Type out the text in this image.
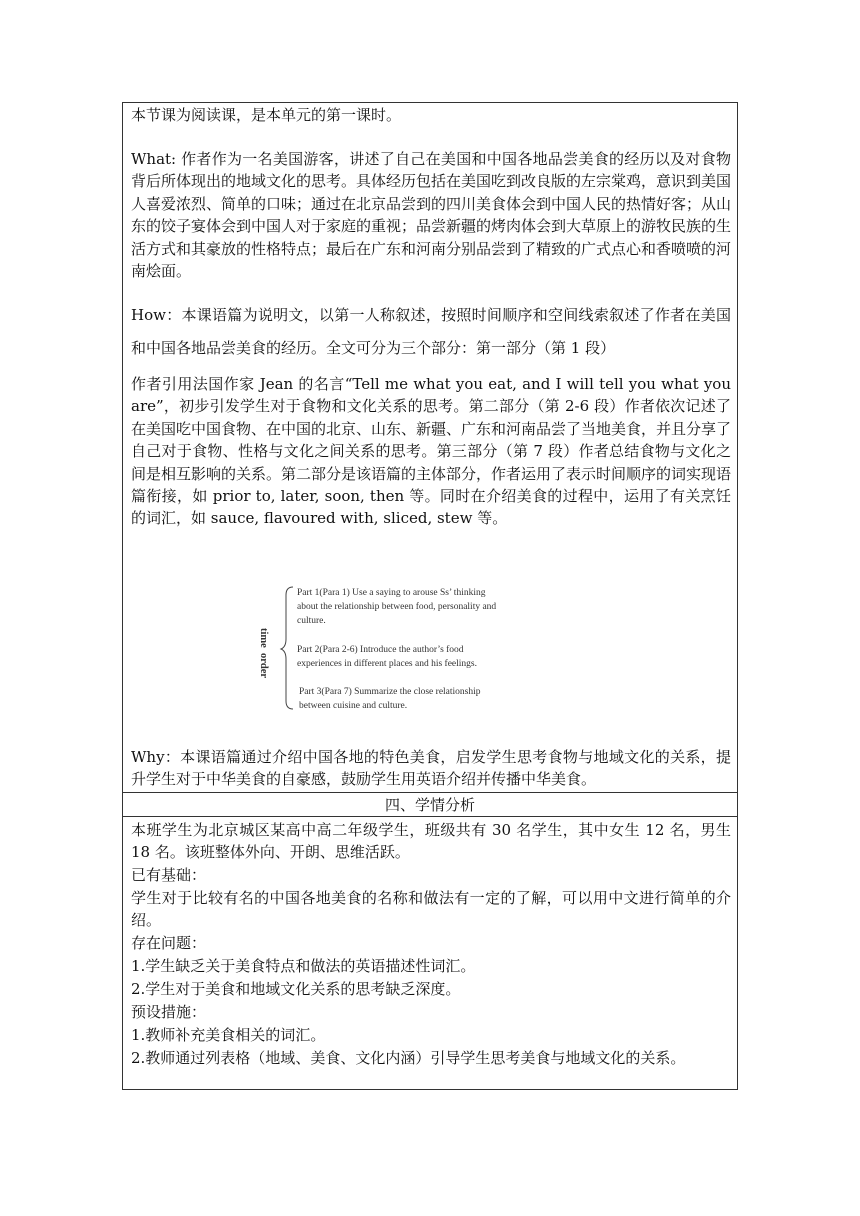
本节课为阅读课，是本单元的第一课时。

What: 作者作为一名美国游客，讲述了自己在美国和中国各地品尝美食的经历以及对食物背后所体现出的地域文化的思考。具体经历包括在美国吃到改良版的左宗棠鸡，意识到美国人喜爱浓烈、简单的口味；通过在北京品尝到的四川美食体会到中国人民的热情好客；从山东的饺子宴体会到中国人对于家庭的重视；品尝新疆的烤肉体会到大草原上的游牧民族的生活方式和其豪放的性格特点；最后在广东和河南分别品尝到了精致的广式点心和香喷喷的河南烩面。

How：本课语篇为说明文，以第一人称叙述，按照时间顺序和空间线索叙述了作者在美国和中国各地品尝美食的经历。全文可分为三个部分：第一部分（第 1 段）

作者引用法国作家 Jean 的名言“Tell me what you eat, and I will tell you what you are”，初步引发学生对于食物和文化关系的思考。第二部分（第 2-6 段）作者依次记述了在美国吃中国食物、在中国的北京、山东、新疆、广东和河南品尝了当地美食，并且分享了自己对于食物、性格与文化之间关系的思考。第三部分（第 7 段）作者总结食物与文化之间是相互影响的关系。第二部分是该语篇的主体部分，作者运用了表示时间顺序的词实现语篇衔接，如 prior to, later, soon, then 等。同时在介绍美食的过程中，运用了有关烹饪的词汇，如 sauce, flavoured with, sliced, stew 等。

time
order
Part 1(Para 1) Use a saying to arouse Ss’ thinking
about the relationship between food, personality and
culture.
Part 2(Para 2-6) Introduce the author’s food
experiences in different places and his feelings.
Part 3(Para 7) Summarize the close relationship
between cuisine and culture.

Why：本课语篇通过介绍中国各地的特色美食，启发学生思考食物与地域文化的关系，提升学生对于中华美食的自豪感，鼓励学生用英语介绍并传播中华美食。

四、学情分析

本班学生为北京城区某高中高二年级学生，班级共有 30 名学生，其中女生 12 名，男生 18 名。该班整体外向、开朗、思维活跃。

已有基础：

学生对于比较有名的中国各地美食的名称和做法有一定的了解，可以用中文进行简单的介绍。

存在问题：

1.学生缺乏关于美食特点和做法的英语描述性词汇。

2.学生对于美食和地域文化关系的思考缺乏深度。

预设措施：

1.教师补充美食相关的词汇。

2.教师通过列表格（地域、美食、文化内涵）引导学生思考美食与地域文化的关系。
